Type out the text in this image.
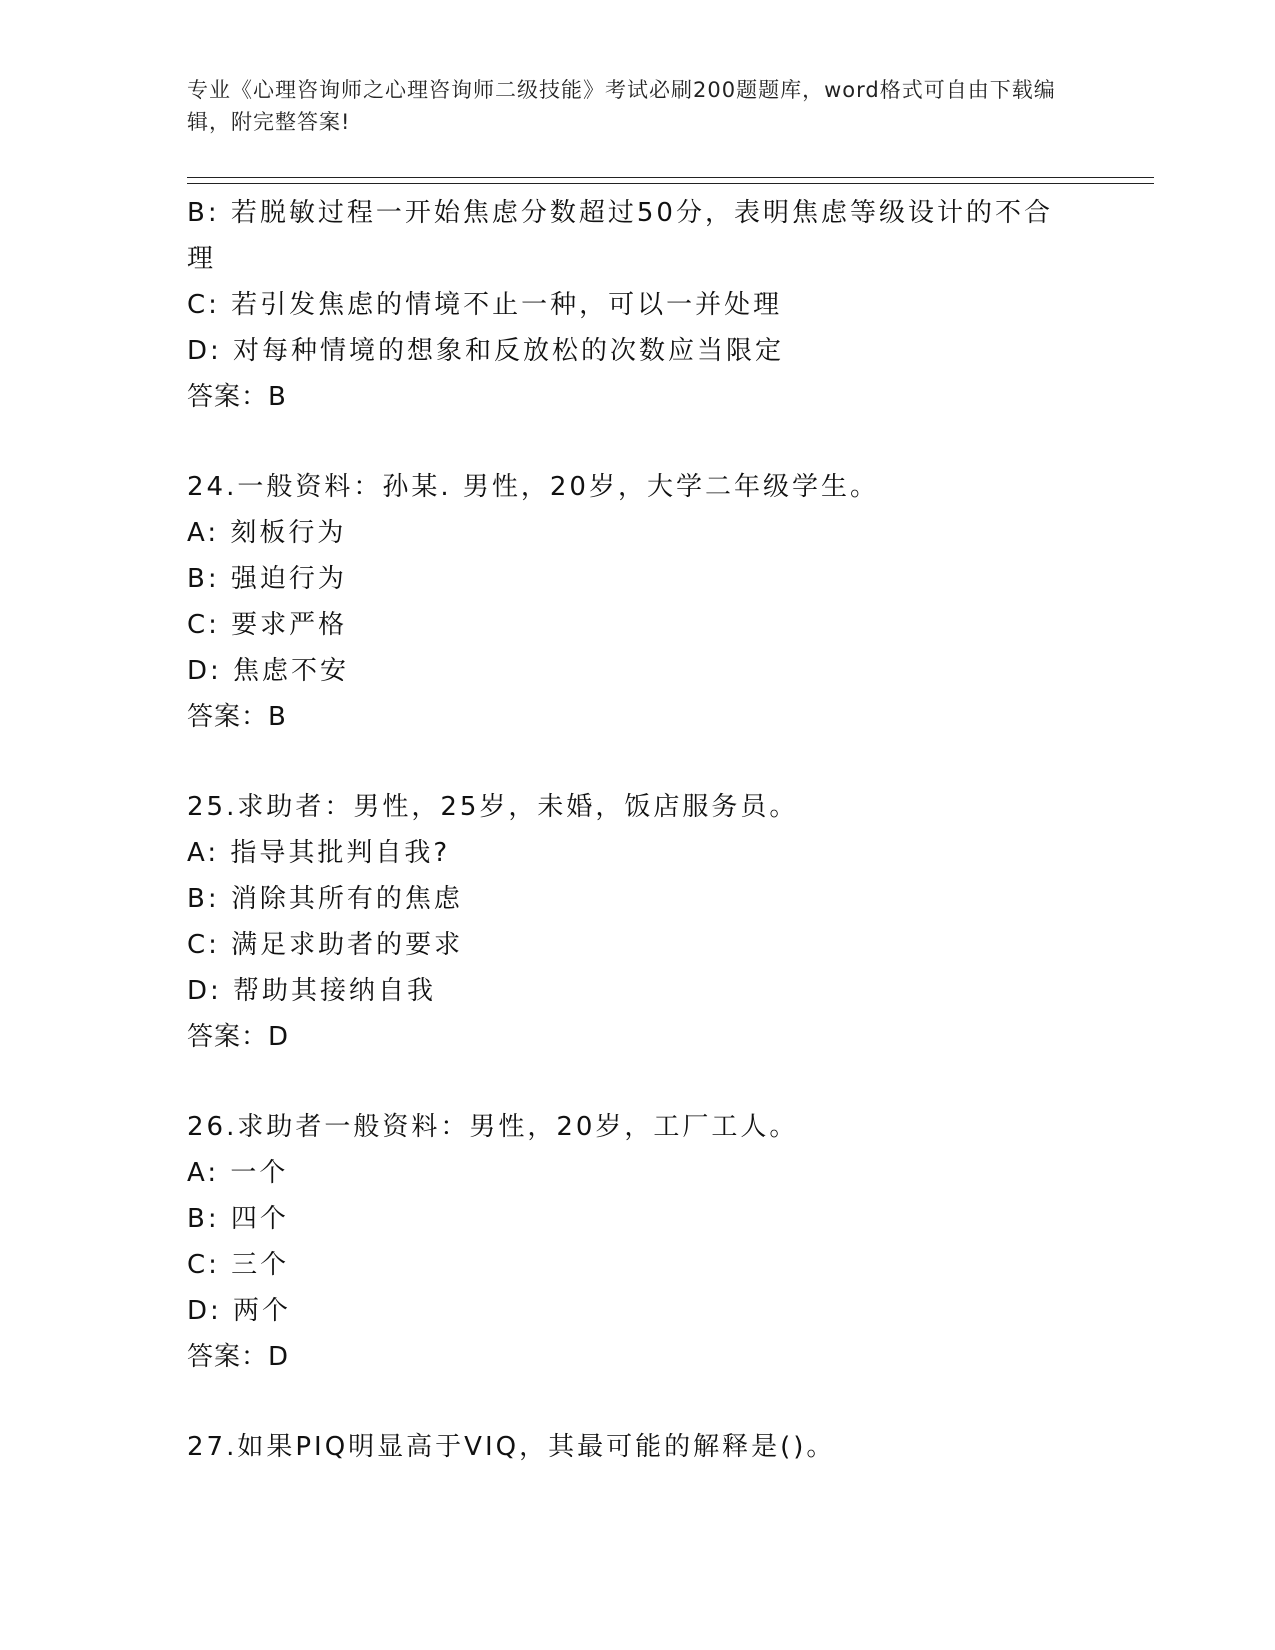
专业《心理咨询师之心理咨询师二级技能》考试必刷200题题库，word格式可自由下载编辑，附完整答案!
B: 若脱敏过程一开始焦虑分数超过50分，表明焦虑等级设计的不合
理
C: 若引发焦虑的情境不止一种，可以一并处理
D: 对每种情境的想象和反放松的次数应当限定
答案：B
24.一般资料：孙某. 男性，20岁，大学二年级学生。
A: 刻板行为
B: 强迫行为
C: 要求严格
D: 焦虑不安
答案：B
25.求助者：男性，25岁，未婚，饭店服务员。
A: 指导其批判自我?
B: 消除其所有的焦虑
C: 满足求助者的要求
D: 帮助其接纳自我
答案：D
26.求助者一般资料：男性，20岁，工厂工人。
A: 一个
B: 四个
C: 三个
D: 两个
答案：D
27.如果PIQ明显高于VIQ，其最可能的解释是()。
